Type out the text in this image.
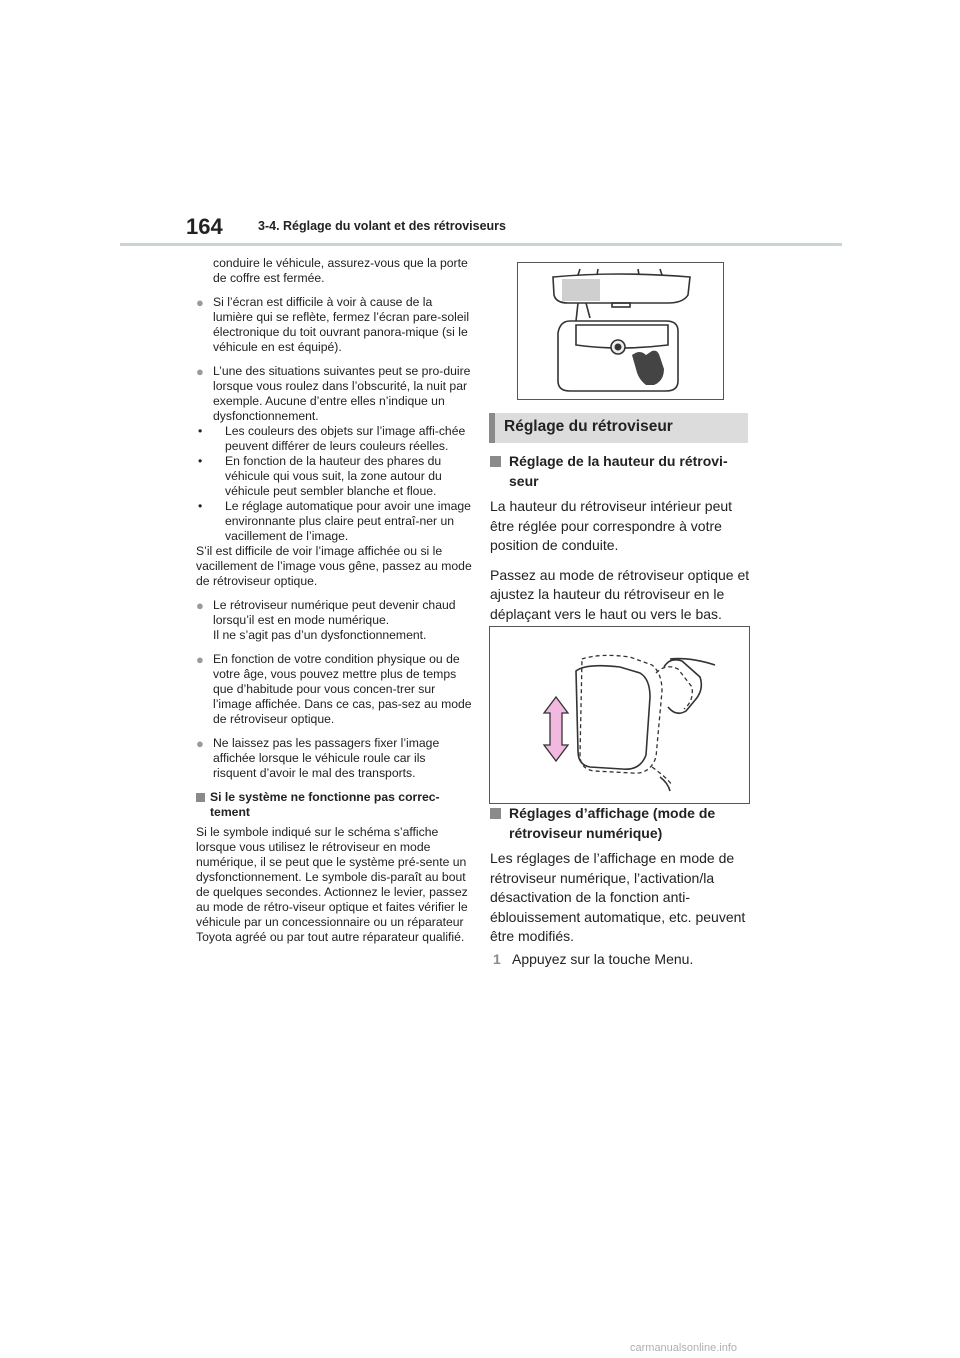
164	3-4. Réglage du volant et des rétroviseurs

conduire le véhicule, assurez-vous que la porte de coffre est fermée.

● Si l’écran est difficile à voir à cause de la lumière qui se reflète, fermez l’écran pare-soleil électronique du toit ouvrant panora-mique (si le véhicule en est équipé).

● L’une des situations suivantes peut se pro-duire lorsque vous roulez dans l’obscurité, la nuit par exemple. Aucune d’entre elles n’indique un dysfonctionnement.

• Les couleurs des objets sur l’image affi-chée peuvent différer de leurs couleurs réelles.

• En fonction de la hauteur des phares du véhicule qui vous suit, la zone autour du véhicule peut sembler blanche et floue.

• Le réglage automatique pour avoir une image environnante plus claire peut entraî-ner un vacillement de l’image.

S’il est difficile de voir l’image affichée ou si le vacillement de l’image vous gêne, passez au mode de rétroviseur optique.

● Le rétroviseur numérique peut devenir chaud lorsqu’il est en mode numérique.
Il ne s’agit pas d’un dysfonctionnement.

● En fonction de votre condition physique ou de votre âge, vous pouvez mettre plus de temps que d’habitude pour vous concen-trer sur l’image affichée. Dans ce cas, pas-sez au mode de rétroviseur optique.

● Ne laissez pas les passagers fixer l’image affichée lorsque le véhicule roule car ils risquent d’avoir le mal des transports.

Si le système ne fonctionne pas correc-tement

Si le symbole indiqué sur le schéma s’affiche lorsque vous utilisez le rétroviseur en mode numérique, il se peut que le système pré-sente un dysfonctionnement. Le symbole dis-paraît au bout de quelques secondes. Actionnez le levier, passez au mode de rétro-viseur optique et faites vérifier le véhicule par un concessionnaire ou un réparateur Toyota agréé ou par tout autre réparateur qualifié.

Réglage du rétroviseur

Réglage de la hauteur du rétrovi-seur

La hauteur du rétroviseur intérieur peut être réglée pour correspondre à votre position de conduite.

Passez au mode de rétroviseur optique et ajustez la hauteur du rétroviseur en le déplaçant vers le haut ou vers le bas.

Réglages d’affichage (mode de rétroviseur numérique)

Les réglages de l’affichage en mode de rétroviseur numérique, l’activation/la désactivation de la fonction anti-éblouissement automatique, etc. peuvent être modifiés.

1 Appuyez sur la touche Menu.

carmanualsonline.info
